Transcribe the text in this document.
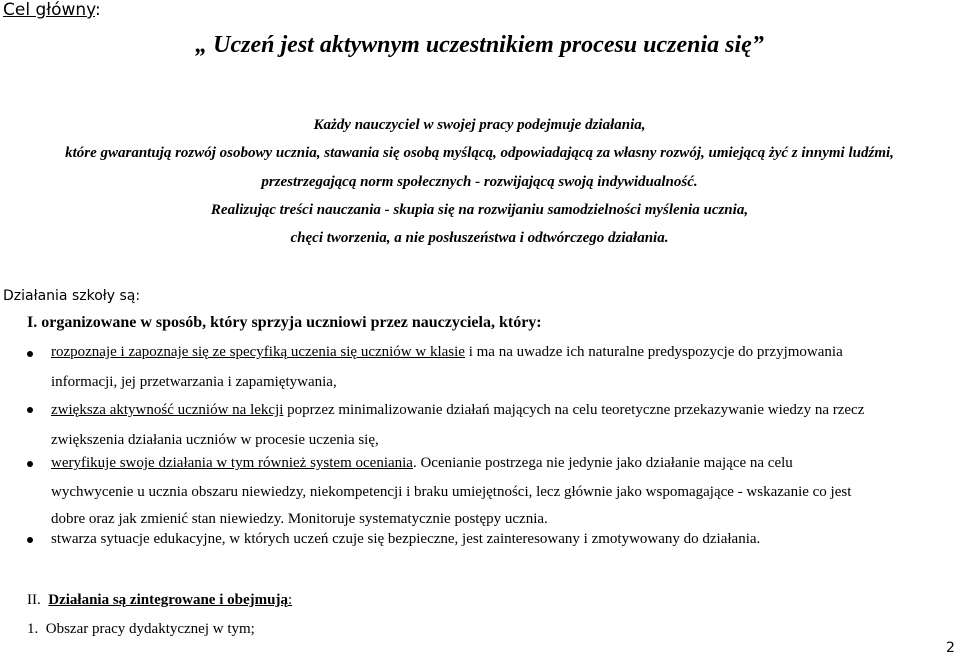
Cel główny:
„ Uczeń jest aktywnym uczestnikiem procesu uczenia się”
Każdy nauczyciel w swojej pracy podejmuje działania,
które gwarantują rozwój osobowy ucznia, stawania się osobą myślącą, odpowiadającą za własny rozwój, umiejącą żyć z innymi ludźmi,
przestrzegającą norm społecznych - rozwijającą swoją indywidualność.
Realizując treści nauczania - skupia się na rozwijaniu samodzielności myślenia ucznia,
chęci tworzenia, a nie posłuszeństwa i odtwórczego działania.
Działania szkoły są:
I. organizowane w sposób, który sprzyja uczniowi przez nauczyciela, który:
rozpoznaje i zapoznaje się ze specyfiką uczenia się uczniów w klasie i ma na uwadze ich naturalne predyspozycje do przyjmowania
informacji, jej przetwarzania i zapamiętywania,
zwiększa aktywność uczniów na lekcji poprzez minimalizowanie działań mających na celu teoretyczne przekazywanie wiedzy na rzecz
zwiększenia działania uczniów w procesie uczenia się,
weryfikuje swoje działania w tym również system oceniania. Ocenianie postrzega nie jedynie jako działanie mające na celu
wychwycenie u ucznia obszaru niewiedzy, niekompetencji i braku umiejętności, lecz głównie jako wspomagające - wskazanie co jest
dobre oraz jak zmienić stan niewiedzy. Monitoruje systematycznie postępy ucznia.
stwarza sytuacje edukacyjne, w których uczeń czuje się bezpieczne, jest zainteresowany i zmotywowany do działania.
II. Działania są zintegrowane i obejmują:
1. Obszar pracy dydaktycznej w tym;
2
